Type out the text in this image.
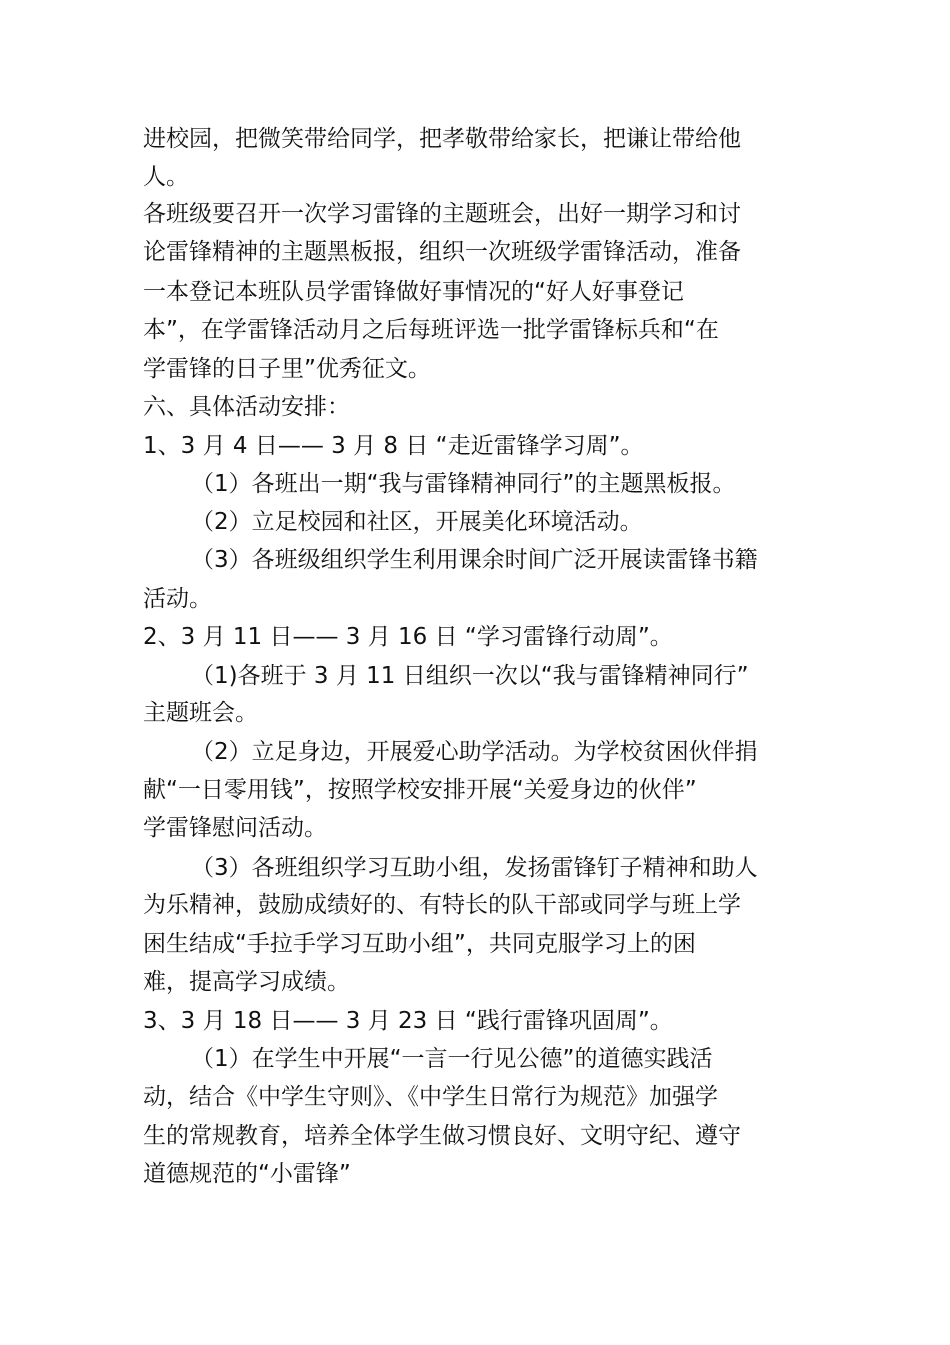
进校园，把微笑带给同学，把孝敬带给家长，把谦让带给他
人。
各班级要召开一次学习雷锋的主题班会，出好一期学习和讨
论雷锋精神的主题黑板报，组织一次班级学雷锋活动，准备
一本登记本班队员学雷锋做好事情况的“好人好事登记
本”，在学雷锋活动月之后每班评选一批学雷锋标兵和“在
学雷锋的日子里”优秀征文。
六、具体活动安排：
1、3 月 4 日—— 3 月 8 日 “走近雷锋学习周”。
（1）各班出一期“我与雷锋精神同行”的主题黑板报。
（2）立足校园和社区，开展美化环境活动。
（3）各班级组织学生利用课余时间广泛开展读雷锋书籍
活动。
2、3 月 11 日—— 3 月 16 日 “学习雷锋行动周”。
（1)各班于 3 月 11 日组织一次以“我与雷锋精神同行”
主题班会。
（2）立足身边，开展爱心助学活动。为学校贫困伙伴捐
献“一日零用钱”，按照学校安排开展“关爱身边的伙伴”
学雷锋慰问活动。
（3）各班组织学习互助小组，发扬雷锋钉子精神和助人
为乐精神，鼓励成绩好的、有特长的队干部或同学与班上学
困生结成“手拉手学习互助小组”，共同克服学习上的困
难，提高学习成绩。
3、3 月 18 日—— 3 月 23 日 “践行雷锋巩固周”。
（1）在学生中开展“一言一行见公德”的道德实践活
动，结合《中学生守则》、《中学生日常行为规范》加强学
生的常规教育，培养全体学生做习惯良好、文明守纪、遵守
道德规范的“小雷锋”
